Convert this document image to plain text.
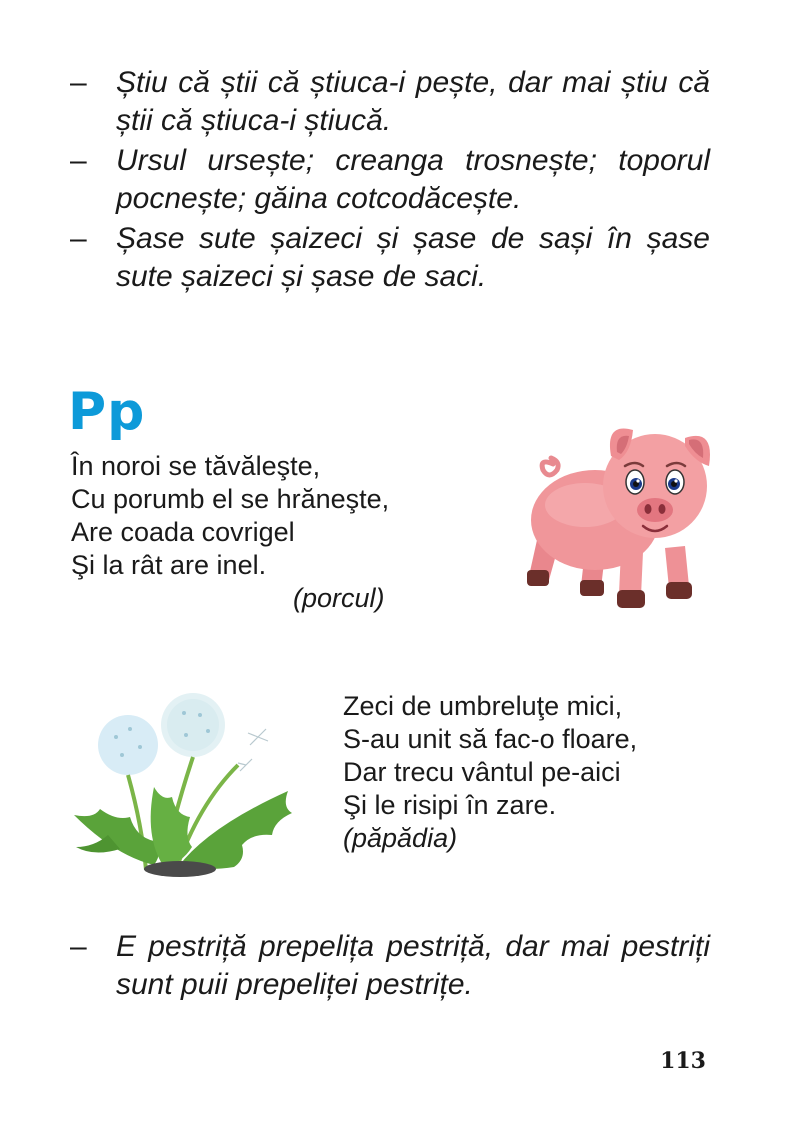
– Știu că știi că știuca-i pește, dar mai știu că știi că știuca-i știucă.
– Ursul ursește; creanga trosnește; toporul pocnește; găina cotcodăcește.
– Șase sute șaizeci și șase de sași în șase sute șaizeci și șase de saci.
Pp
În noroi se tăvăleşte,
Cu porumb el se hrăneşte,
Are coada covrigel
Şi la rât are inel.
(porcul)
Zeci de umbreluţe mici,
S-au unit să fac-o floare,
Dar trecu vântul pe-aici
Şi le risipi în zare.
(păpădia)
– E pestriță prepelița pestriță, dar mai pestriți sunt puii prepeliței pestrițe.
113
